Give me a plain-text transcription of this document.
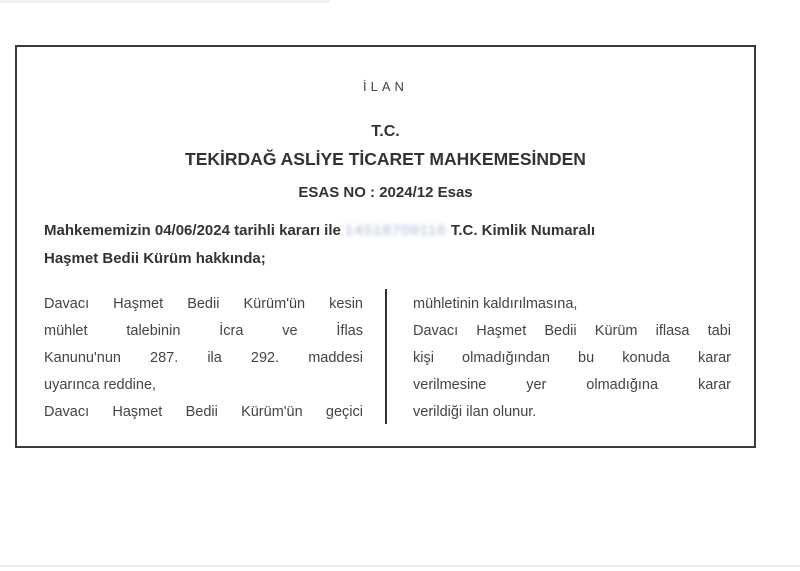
İLAN
T.C.
TEKİRDAĞ ASLİYE TİCARET MAHKEMESİNDEN
ESAS NO : 2024/12 Esas
Mahkememizin 04/06/2024 tarihli kararı ile 14518709116 T.C. Kimlik Numaralı
Haşmet Bedii Kürüm hakkında;
Davacı Haşmet Bedii Kürüm'ün kesin
mühlet talebinin İcra ve İflas
Kanunu'nun 287. ila 292. maddesi
uyarınca reddine,
Davacı Haşmet Bedii Kürüm'ün geçici
mühletinin kaldırılmasına,
Davacı Haşmet Bedii Kürüm iflasa tabi
kişi olmadığından bu konuda karar
verilmesine yer olmadığına karar
verildiği ilan olunur.
